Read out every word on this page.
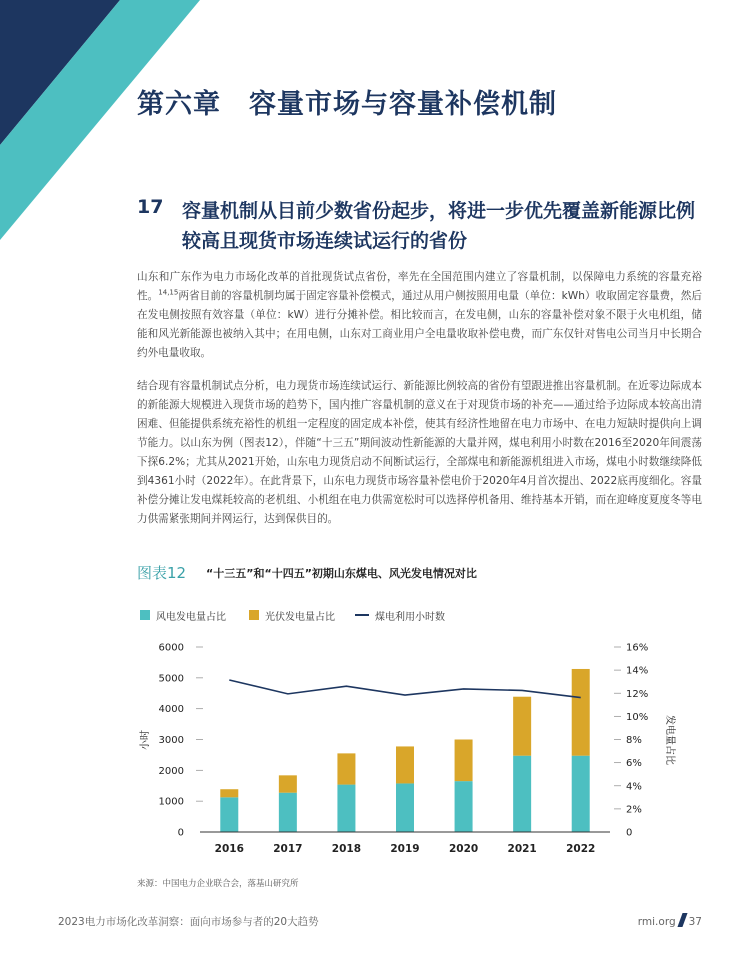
第六章　容量市场与容量补偿机制
17 容量机制从目前少数省份起步，将进一步优先覆盖新能源比例较高且现货市场连续试运行的省份
山东和广东作为电力市场化改革的首批现货试点省份，率先在全国范围内建立了容量机制，以保障电力系统的容量充裕性。$^{14,15}$两省目前的容量机制均属于固定容量补偿模式，通过从用户侧按照用电量（单位：kWh）收取固定容量费，然后在发电侧按照有效容量（单位：kW）进行分摊补偿。相比较而言，在发电侧，山东的容量补偿对象不限于火电机组，储能和风光新能源也被纳入其中；在用电侧，山东对工商业用户全电量收取补偿电费，而广东仅针对售电公司当月中长期合约外电量收取。
结合现有容量机制试点分析，电力现货市场连续试运行、新能源比例较高的省份有望跟进推出容量机制。在近零边际成本的新能源大规模进入现货市场的趋势下，国内推广容量机制的意义在于对现货市场的补充——通过给予边际成本较高出清困难、但能提供系统充裕性的机组一定程度的固定成本补偿，使其有经济性地留在电力市场中、在电力短缺时提供向上调节能力。以山东为例（图表12），伴随“十三五”期间波动性新能源的大量并网，煤电利用小时数在2016至2020年间震荡下探6.2%；尤其从2021开始，山东电力现货启动不间断试运行，全部煤电和新能源机组进入市场，煤电小时数继续降低到4361小时（2022年）。在此背景下，山东电力现货市场容量补偿电价于2020年4月首次提出、2022底再度细化。容量补偿分摊让发电煤耗较高的老机组、小机组在电力供需宽松时可以选择停机备用、维持基本开销，而在迎峰度夏度冬等电力供需紧张期间并网运行，达到保供目的。
图表12 “十三五”和“十四五”初期山东煤电、风光发电情况对比
风电发电量占比	光伏发电量占比	煤电利用小时数
0
1000
2000
3000
4000
5000
6000
0
2%
4%
6%
8%
10%
12%
14%
16%
小时	发电量占比
2016	2017	2018	2019	2020	2021	2022
来源：中国电力企业联合会，落基山研究所
2023电力市场化改革洞察：面向市场参与者的20大趋势	rmi.org 37
